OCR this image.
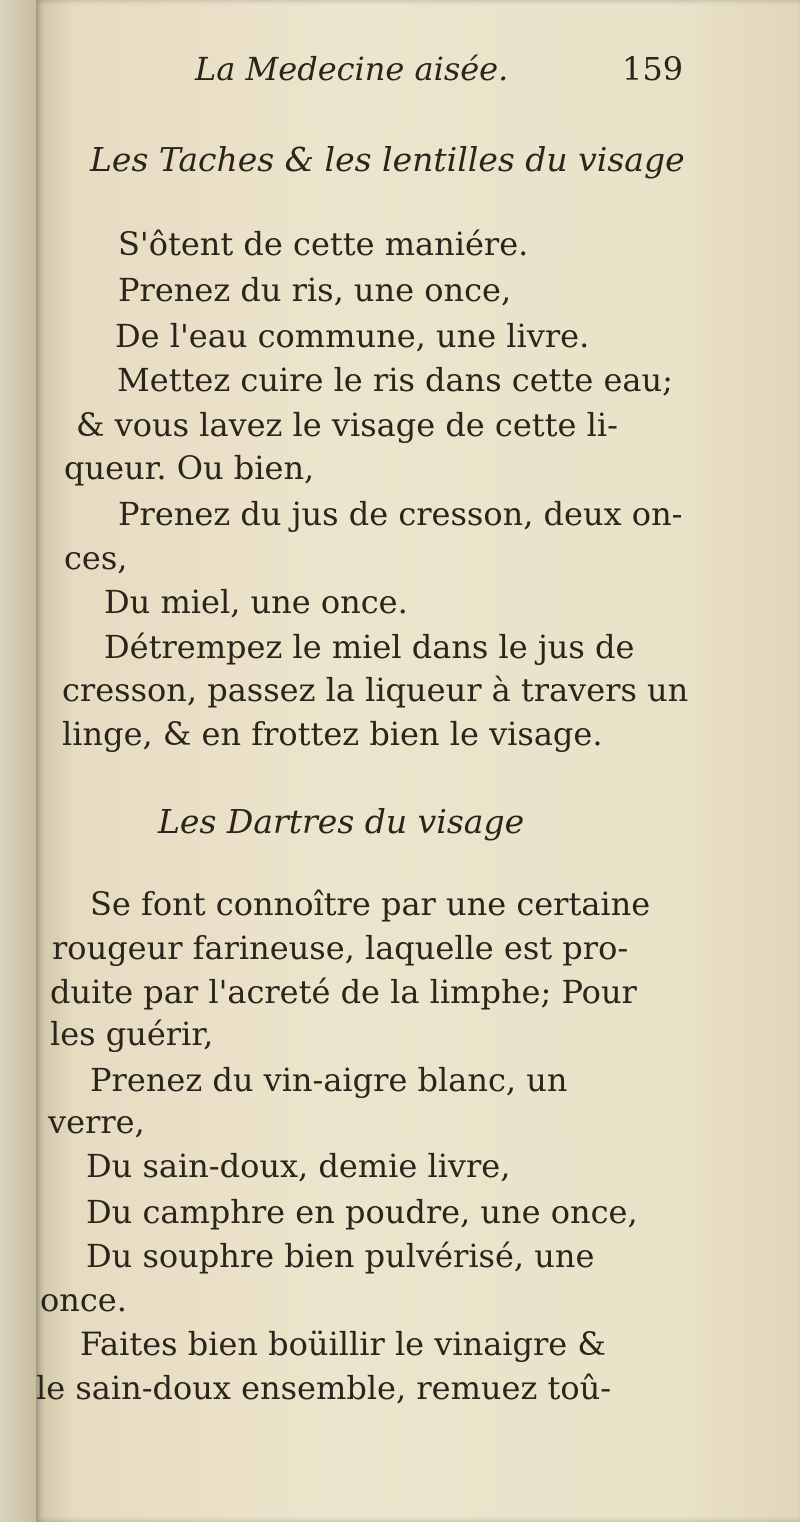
La Medecine aisée.	159
Les Taches & les lentilles du visage
S'ôtent de cette maniére.
Prenez du ris, une once,
De l'eau commune, une livre.
Mettez cuire le ris dans cette eau;
& vous lavez le visage de cette li-
queur. Ou bien,
Prenez du jus de cresson, deux on-
ces,
Du miel, une once.
Détrempez le miel dans le jus de
cresson, passez la liqueur à travers un
linge, & en frottez bien le visage.
Les Dartres du visage
Se font connoître par une certaine
rougeur farineuse, laquelle est pro-
duite par l'acreté de la limphe; Pour
les guérir,
Prenez du vin-aigre blanc, un
verre,
Du sain-doux, demie livre,
Du camphre en poudre, une once,
Du souphre bien pulvérisé, une
once.
Faites bien boüillir le vinaigre &
le sain-doux ensemble, remuez toû-
